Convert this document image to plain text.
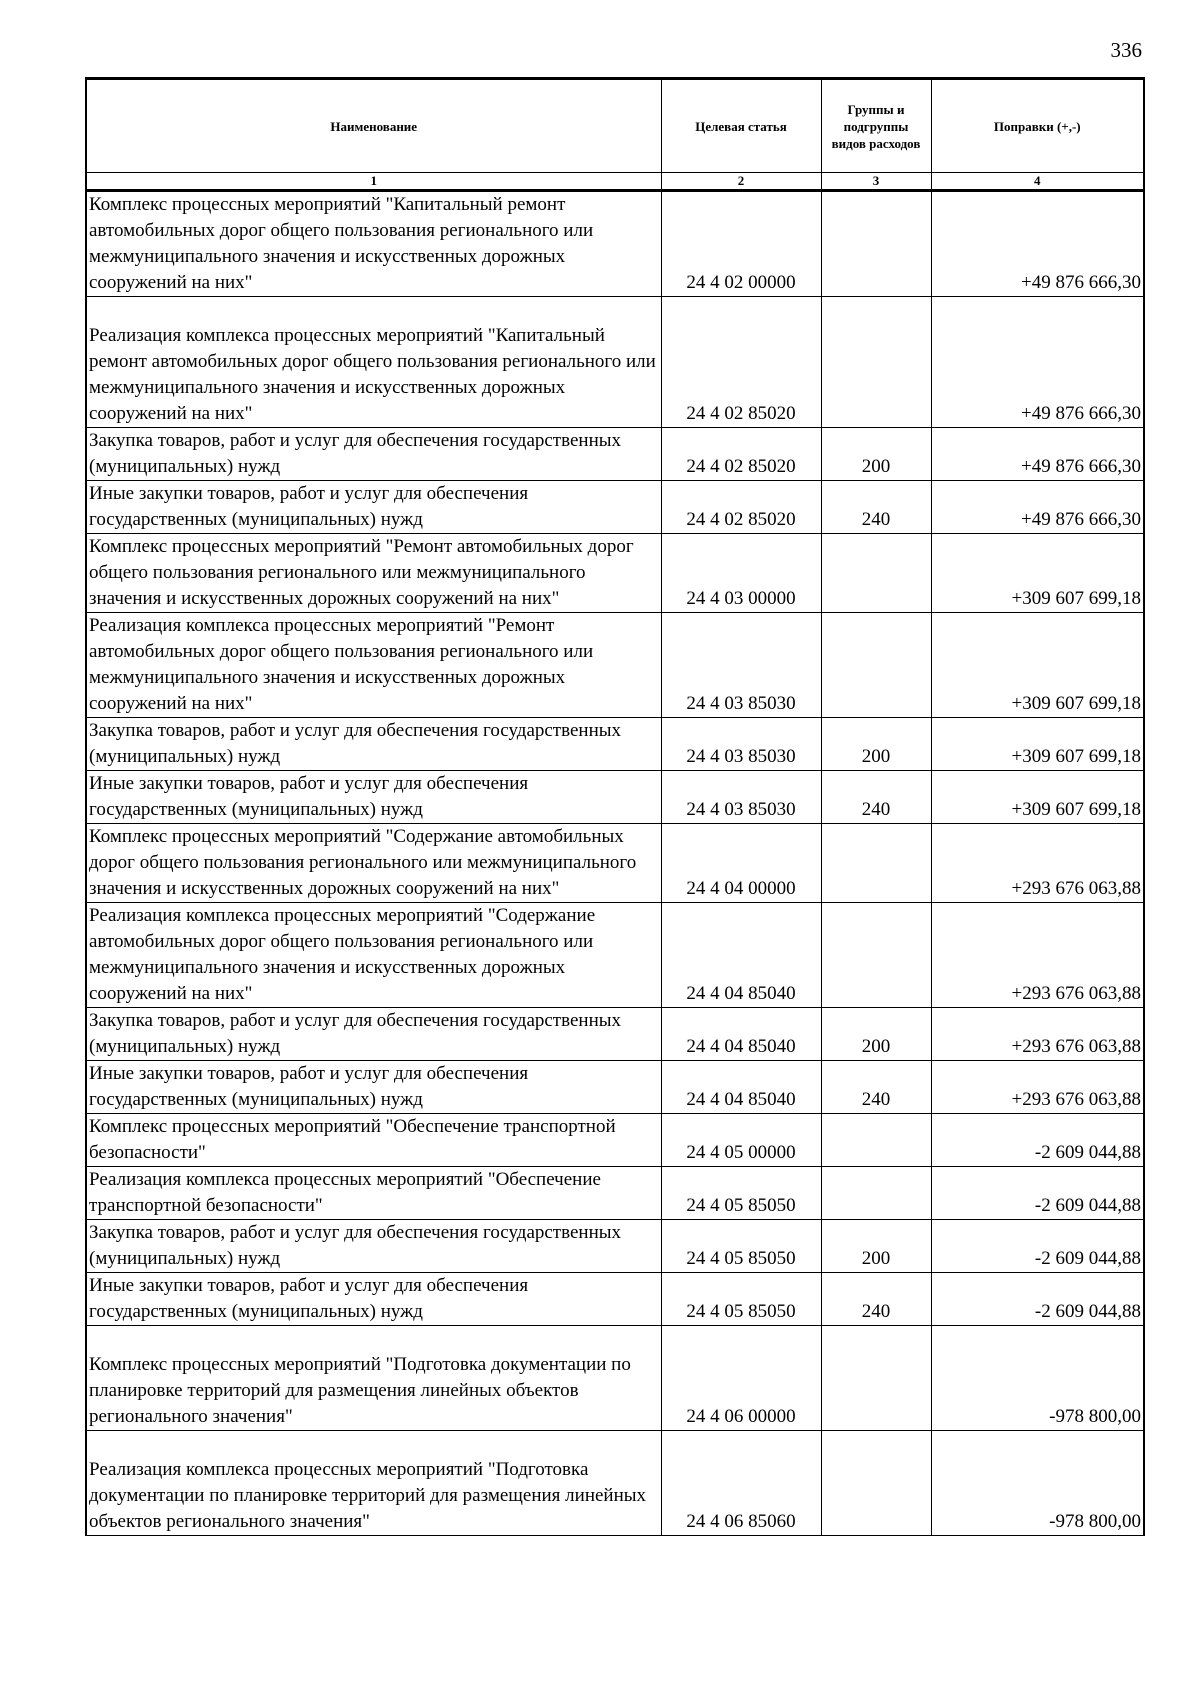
336
Наименование	Целевая статья	Группы и подгруппы видов расходов	Поправки (+,-)
1	2	3	4
Комплекс процессных мероприятий "Капитальный ремонт автомобильных дорог общего пользования регионального или межмуниципального значения и искусственных дорожных сооружений на них"	24 4 02 00000		+49 876 666,30
Реализация комплекса процессных мероприятий "Капитальный ремонт автомобильных дорог общего пользования регионального или межмуниципального значения и искусственных дорожных сооружений на них"	24 4 02 85020		+49 876 666,30
Закупка товаров, работ и услуг для обеспечения государственных (муниципальных) нужд	24 4 02 85020	200	+49 876 666,30
Иные закупки товаров, работ и услуг для обеспечения государственных (муниципальных) нужд	24 4 02 85020	240	+49 876 666,30
Комплекс процессных мероприятий "Ремонт автомобильных дорог общего пользования регионального или межмуниципального значения и искусственных дорожных сооружений на них"	24 4 03 00000		+309 607 699,18
Реализация комплекса процессных мероприятий "Ремонт автомобильных дорог общего пользования регионального или межмуниципального значения и искусственных дорожных сооружений на них"	24 4 03 85030		+309 607 699,18
Закупка товаров, работ и услуг для обеспечения государственных (муниципальных) нужд	24 4 03 85030	200	+309 607 699,18
Иные закупки товаров, работ и услуг для обеспечения государственных (муниципальных) нужд	24 4 03 85030	240	+309 607 699,18
Комплекс процессных мероприятий "Содержание автомобильных дорог общего пользования регионального или межмуниципального значения и искусственных дорожных сооружений на них"	24 4 04 00000		+293 676 063,88
Реализация комплекса процессных мероприятий "Содержание автомобильных дорог общего пользования регионального или межмуниципального значения и искусственных дорожных сооружений на них"	24 4 04 85040		+293 676 063,88
Закупка товаров, работ и услуг для обеспечения государственных (муниципальных) нужд	24 4 04 85040	200	+293 676 063,88
Иные закупки товаров, работ и услуг для обеспечения государственных (муниципальных) нужд	24 4 04 85040	240	+293 676 063,88
Комплекс процессных мероприятий "Обеспечение транспортной безопасности"	24 4 05 00000		-2 609 044,88
Реализация комплекса процессных мероприятий "Обеспечение транспортной безопасности"	24 4 05 85050		-2 609 044,88
Закупка товаров, работ и услуг для обеспечения государственных (муниципальных) нужд	24 4 05 85050	200	-2 609 044,88
Иные закупки товаров, работ и услуг для обеспечения государственных (муниципальных) нужд	24 4 05 85050	240	-2 609 044,88
Комплекс процессных мероприятий "Подготовка документации по планировке территорий для размещения линейных объектов регионального значения"	24 4 06 00000		-978 800,00
Реализация комплекса процессных мероприятий "Подготовка документации по планировке территорий для размещения линейных объектов регионального значения"	24 4 06 85060		-978 800,00
